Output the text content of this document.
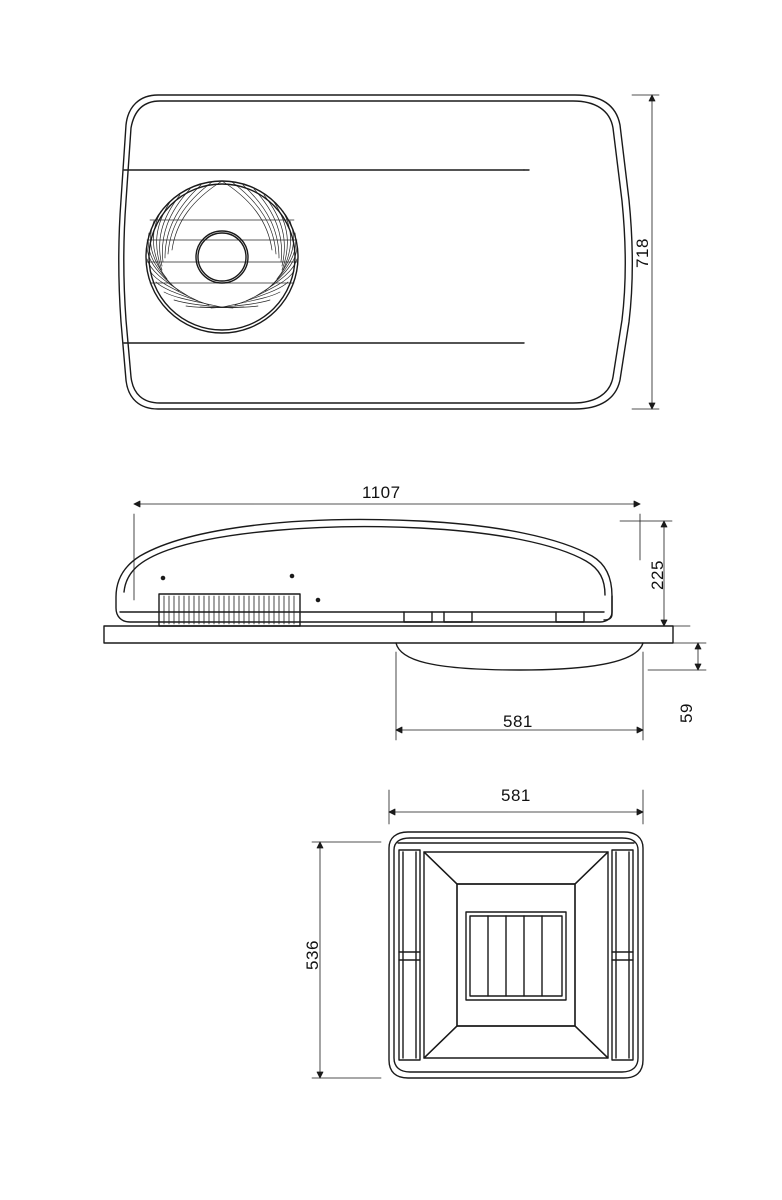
718
1107
225
59
581
581
536
